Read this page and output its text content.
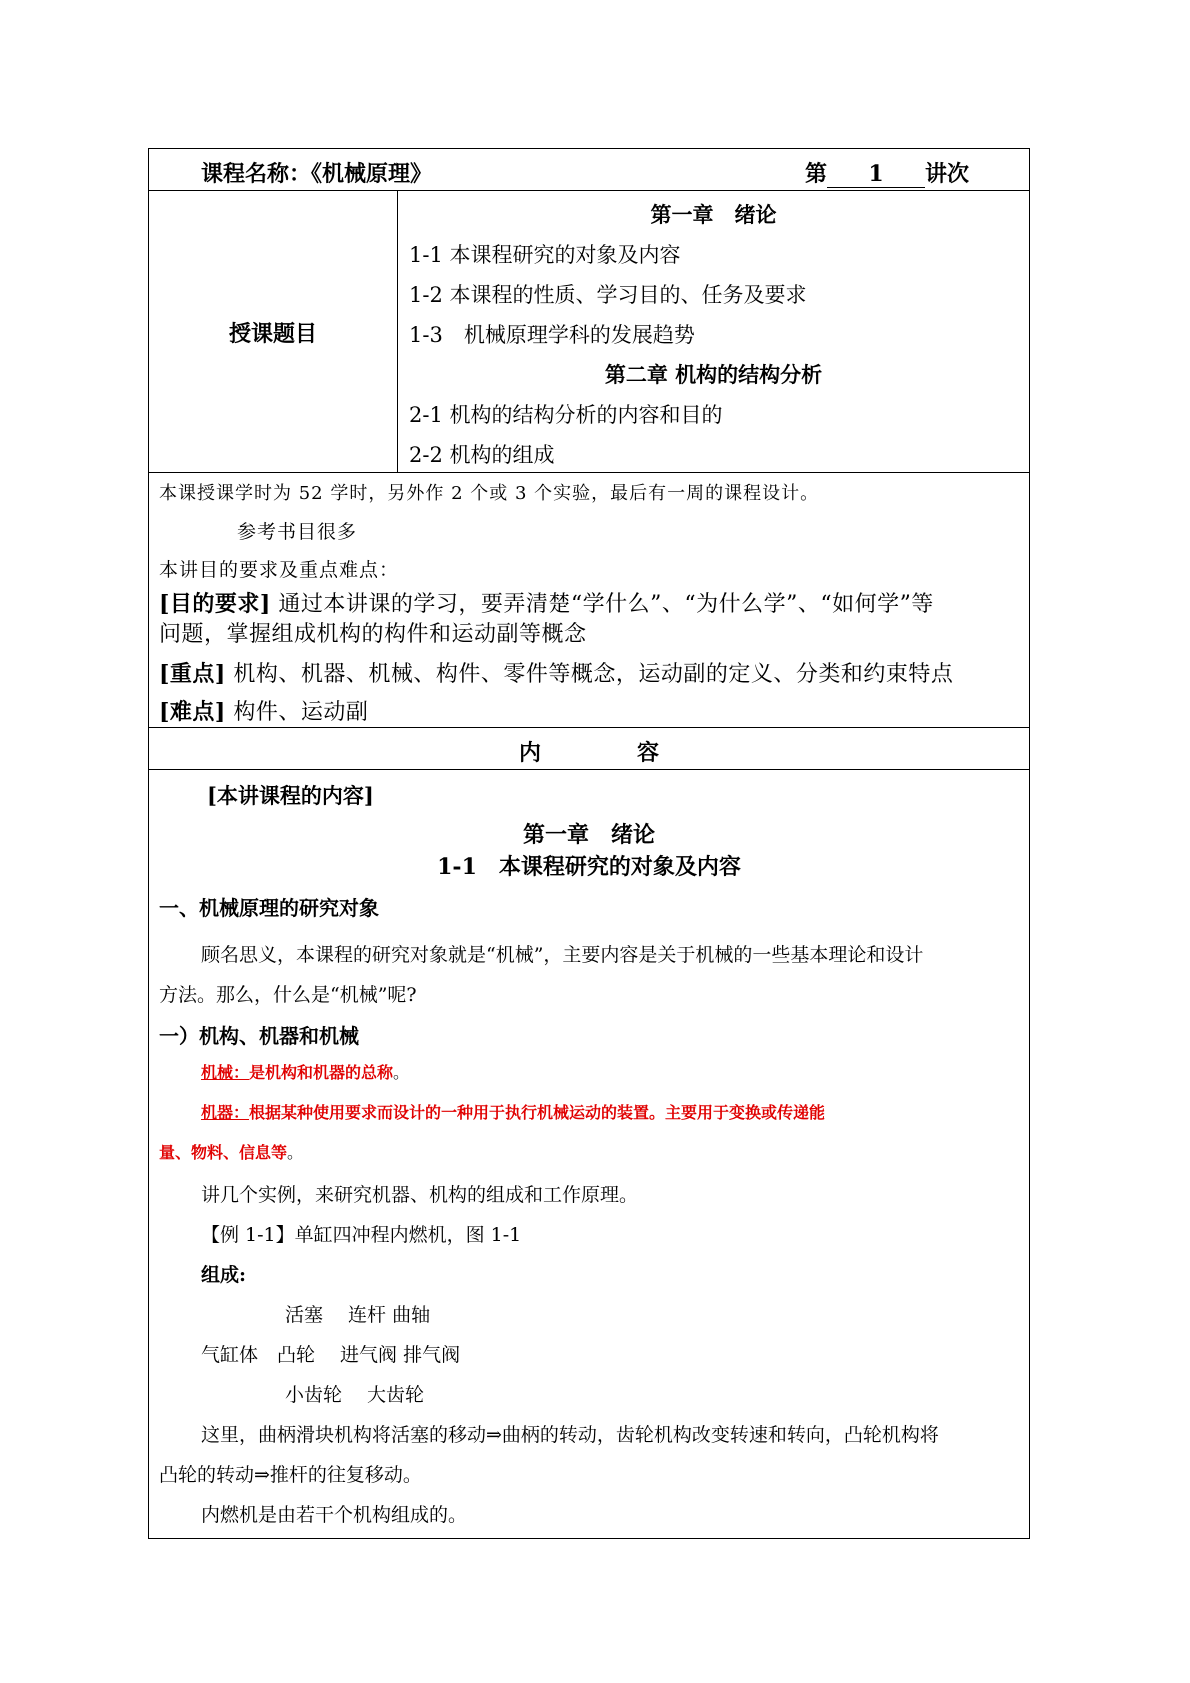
课程名称：《机械原理》	第 1 讲次
授课题目
第一章　绪论
1-1 本课程研究的对象及内容
1-2 本课程的性质、学习目的、任务及要求
1-3　机械原理学科的发展趋势
第二章 机构的结构分析
2-1 机构的结构分析的内容和目的
2-2 机构的组成
本课授课学时为 52 学时，另外作 2 个或 3 个实验，最后有一周的课程设计。
参考书目很多
本讲目的要求及重点难点：
[目的要求] 通过本讲课的学习，要弄清楚“学什么”、“为什么学”、“如何学”等
问题，掌握组成机构的构件和运动副等概念
[重点] 机构、机器、机械、构件、零件等概念，运动副的定义、分类和约束特点
[难点] 构件、运动副
内	容
[本讲课程的内容]
第一章　绪论
1-1　本课程研究的对象及内容
一、机械原理的研究对象
顾名思义，本课程的研究对象就是“机械”，主要内容是关于机械的一些基本理论和设计
方法。那么，什么是“机械”呢?
一）机构、机器和机械
机械：是机构和机器的总称。
机器：根据某种使用要求而设计的一种用于执行机械运动的装置。主要用于变换或传递能
量、物料、信息等。
讲几个实例，来研究机器、机构的组成和工作原理。
【例 1-1】单缸四冲程内燃机，图 1-1
组成:
活塞　 连杆 曲轴
气缸体　凸轮　 进气阀 排气阀
小齿轮　 大齿轮
这里，曲柄滑块机构将活塞的移动⇒曲柄的转动，齿轮机构改变转速和转向，凸轮机构将
凸轮的转动⇒推杆的往复移动。
内燃机是由若干个机构组成的。
